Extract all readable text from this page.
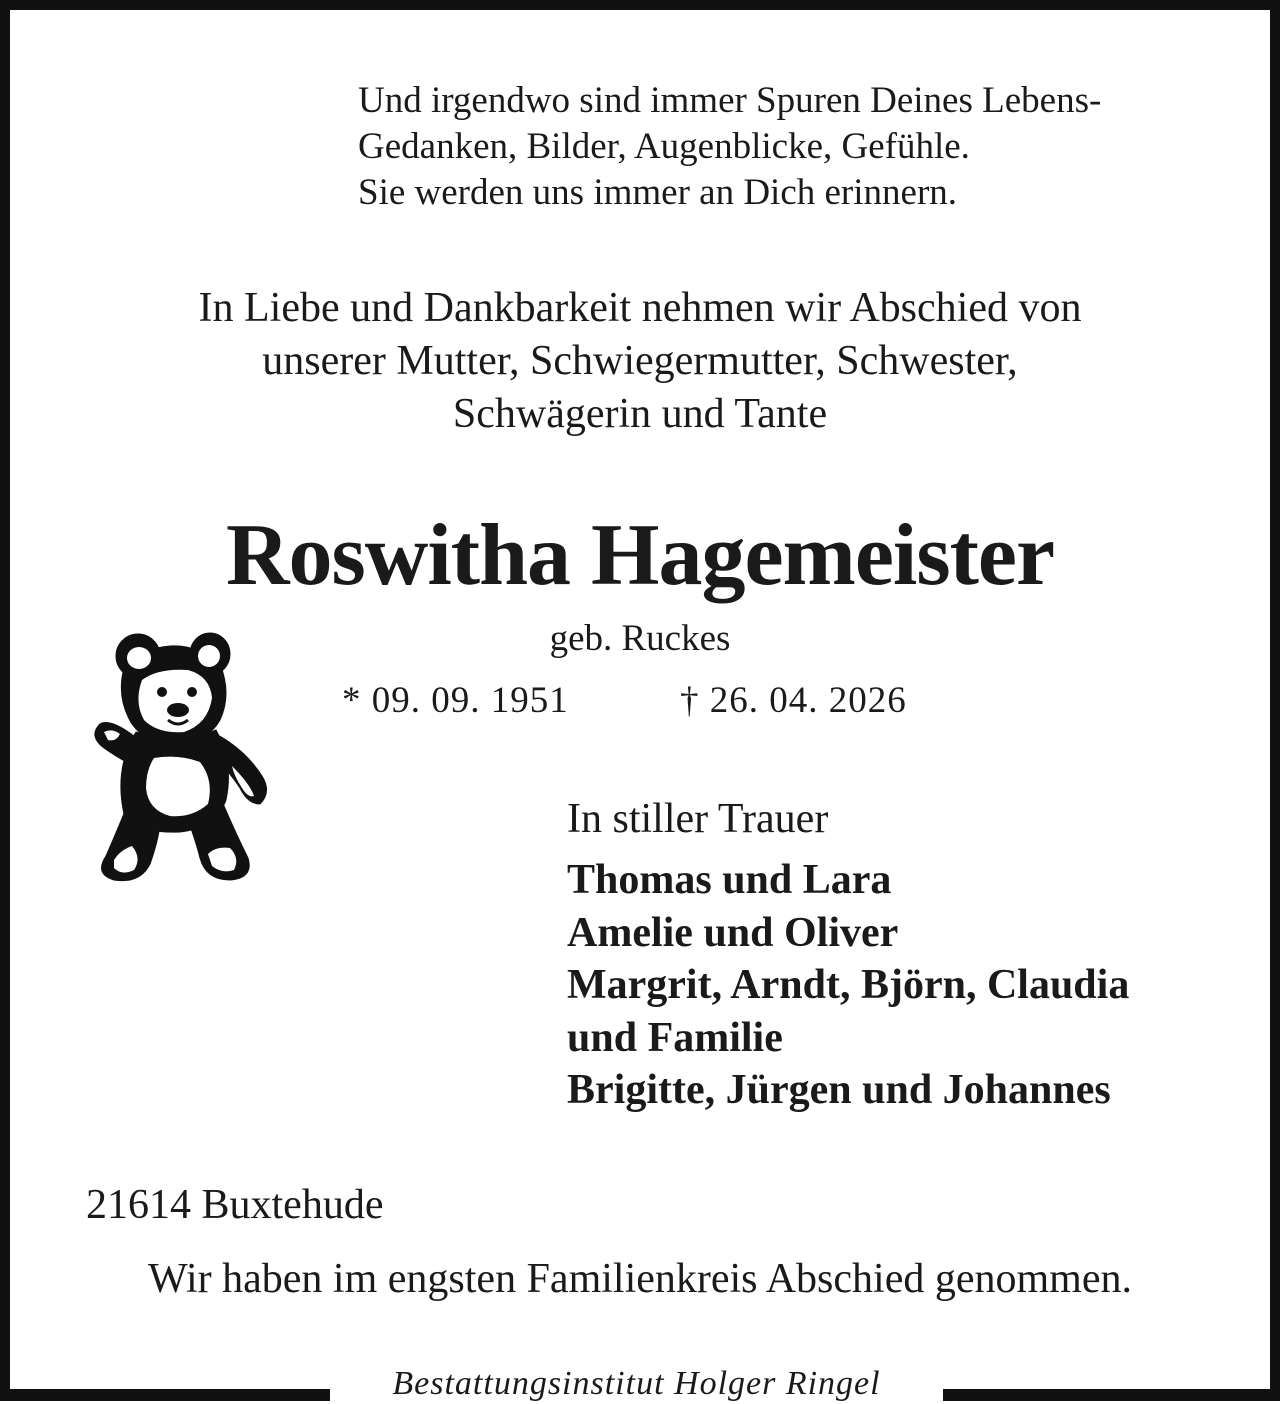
Und irgendwo sind immer Spuren Deines Lebens-
Gedanken, Bilder, Augenblicke, Gefühle.
Sie werden uns immer an Dich erinnern.
In Liebe und Dankbarkeit nehmen wir Abschied von
unserer Mutter, Schwiegermutter, Schwester,
Schwägerin und Tante
Roswitha Hagemeister
geb. Ruckes
* 09. 09. 1951	† 26. 04. 2026
In stiller Trauer
Thomas und Lara
Amelie und Oliver
Margrit, Arndt, Björn, Claudia
und Familie
Brigitte, Jürgen und Johannes
21614 Buxtehude
Wir haben im engsten Familienkreis Abschied genommen.
Bestattungsinstitut Holger Ringel
